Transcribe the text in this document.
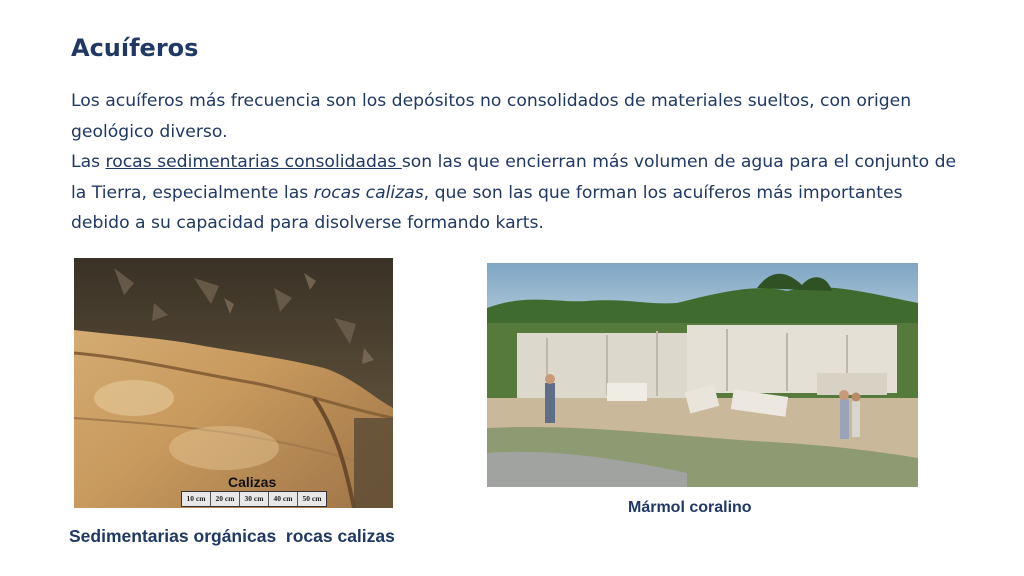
Acuíferos

Los acuíferos más frecuencia son los depósitos no consolidados de materiales sueltos, con origen geológico diverso.

Las rocas sedimentarias consolidadas son las que encierran más volumen de agua para el conjunto de la Tierra, especialmente las rocas calizas, que son las que forman los acuíferos más importantes debido a su capacidad para disolverse formando karts.

Calizas
10 cm	20 cm	30 cm	40 cm	50 cm
Mármol coralino
Sedimentarias orgánicas  rocas calizas
